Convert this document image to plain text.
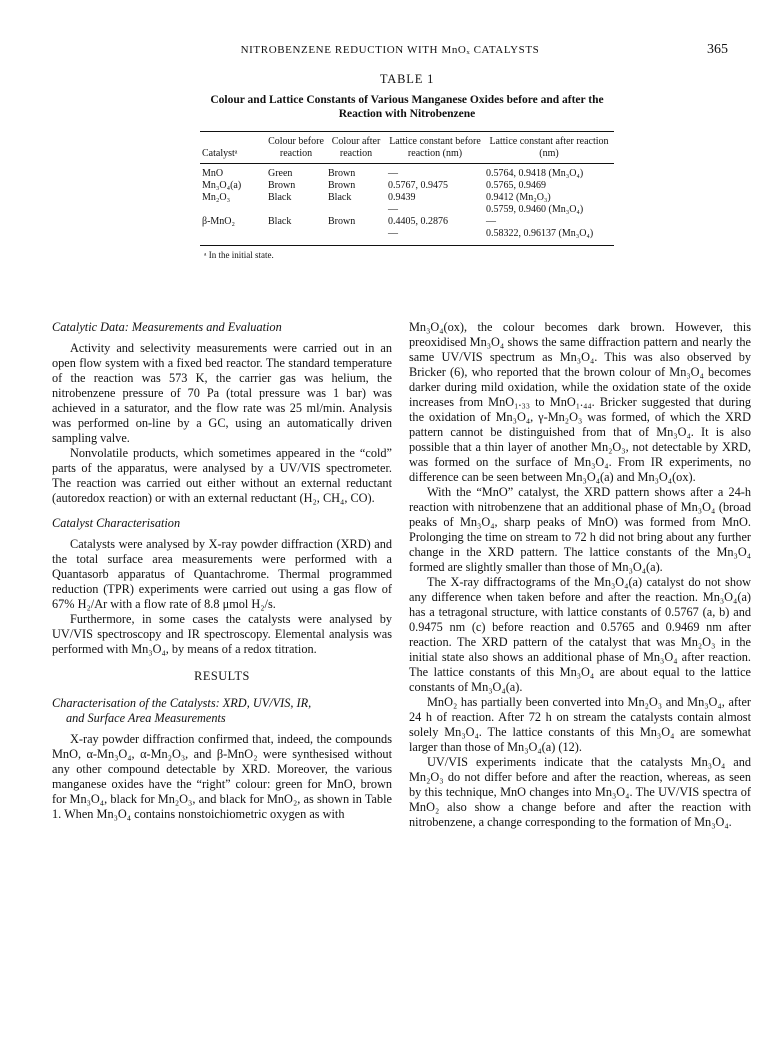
NITROBENZENE REDUCTION WITH MnOₓ CATALYSTS	365
TABLE 1
Colour and Lattice Constants of Various Manganese Oxides before and after the Reaction with Nitrobenzene
Catalystᵃ	Colour before reaction	Colour after reaction	Lattice constant before reaction (nm)	Lattice constant after reaction (nm)
MnO	Green	Brown	—	0.5764, 0.9418 (Mn₃O₄)
Mn₃O₄(a)	Brown	Brown	0.5767, 0.9475	0.5765, 0.9469
Mn₂O₃	Black	Black	0.9439	0.9412 (Mn₂O₃)
			—	0.5759, 0.9460 (Mn₃O₄)
β-MnO₂	Black	Brown	0.4405, 0.2876	—
			—	0.58322, 0.96137 (Mn₃O₄)
ᵃ In the initial state.

Catalytic Data: Measurements and Evaluation

Activity and selectivity measurements were carried out in an open flow system with a fixed bed reactor. The standard temperature of the reaction was 573 K, the carrier gas was helium, the nitrobenzene pressure of 70 Pa (total pressure was 1 bar) was achieved in a saturator, and the flow rate was 25 ml/min. Analysis was performed on-line by a GC, using an automatically driven sampling valve.

Nonvolatile products, which sometimes appeared in the “cold” parts of the apparatus, were analysed by a UV/VIS spectrometer. The reaction was carried out either without an external reductant (autoredox reaction) or with an external reductant (H₂, CH₄, CO).

Catalyst Characterisation

Catalysts were analysed by X-ray powder diffraction (XRD) and the total surface area measurements were performed with a Quantasorb apparatus of Quantachrome. Thermal programmed reduction (TPR) experiments were carried out using a gas flow of 67% H₂/Ar with a flow rate of 8.8 μmol H₂/s.

Furthermore, in some cases the catalysts were analysed by UV/VIS spectroscopy and IR spectroscopy. Elemental analysis was performed with Mn₃O₄, by means of a redox titration.

RESULTS

Characterisation of the Catalysts: XRD, UV/VIS, IR,
and Surface Area Measurements

X-ray powder diffraction confirmed that, indeed, the compounds MnO, α-Mn₃O₄, α-Mn₂O₃, and β-MnO₂ were synthesised without any other compound detectable by XRD. Moreover, the various manganese oxides have the “right” colour: green for MnO, brown for Mn₃O₄, black for Mn₂O₃, and black for MnO₂, as shown in Table 1. When Mn₃O₄ contains nonstoichiometric oxygen as with

Mn₃O₄(ox), the colour becomes dark brown. However, this preoxidised Mn₃O₄ shows the same diffraction pattern and nearly the same UV/VIS spectrum as Mn₃O₄. This was also observed by Bricker (6), who reported that the brown colour of Mn₃O₄ becomes darker during mild oxidation, while the oxidation state of the oxide increases from MnO₁.₃₃ to MnO₁.₄₄. Bricker suggested that during the oxidation of Mn₃O₄, γ-Mn₂O₃ was formed, of which the XRD pattern cannot be distinguished from that of Mn₃O₄. It is also possible that a thin layer of another Mn₂O₃, not detectable by XRD, was formed on the surface of Mn₃O₄. From IR experiments, no difference can be seen between Mn₃O₄(a) and Mn₃O₄(ox).

With the “MnO” catalyst, the XRD pattern shows after a 24-h reaction with nitrobenzene that an additional phase of Mn₃O₄ (broad peaks of Mn₃O₄, sharp peaks of MnO) was formed from MnO. Prolonging the time on stream to 72 h did not bring about any further change in the XRD pattern. The lattice constants of the Mn₃O₄ formed are slightly smaller than those of Mn₃O₄(a).

The X-ray diffractograms of the Mn₃O₄(a) catalyst do not show any difference when taken before and after the reaction. Mn₃O₄(a) has a tetragonal structure, with lattice constants of 0.5767 (a, b) and 0.9475 nm (c) before reaction and 0.5765 and 0.9469 nm after reaction. The XRD pattern of the catalyst that was Mn₂O₃ in the initial state also shows an additional phase of Mn₃O₄ after reaction. The lattice constants of this Mn₃O₄ are about equal to the lattice constants of Mn₃O₄(a).

MnO₂ has partially been converted into Mn₂O₃ and Mn₃O₄, after 24 h of reaction. After 72 h on stream the catalysts contain almost solely Mn₃O₄. The lattice constants of this Mn₃O₄ are somewhat larger than those of Mn₃O₄(a) (12).

UV/VIS experiments indicate that the catalysts Mn₃O₄ and Mn₂O₃ do not differ before and after the reaction, whereas, as seen by this technique, MnO changes into Mn₃O₄. The UV/VIS spectra of MnO₂ also show a change before and after the reaction with nitrobenzene, a change corresponding to the formation of Mn₃O₄.
